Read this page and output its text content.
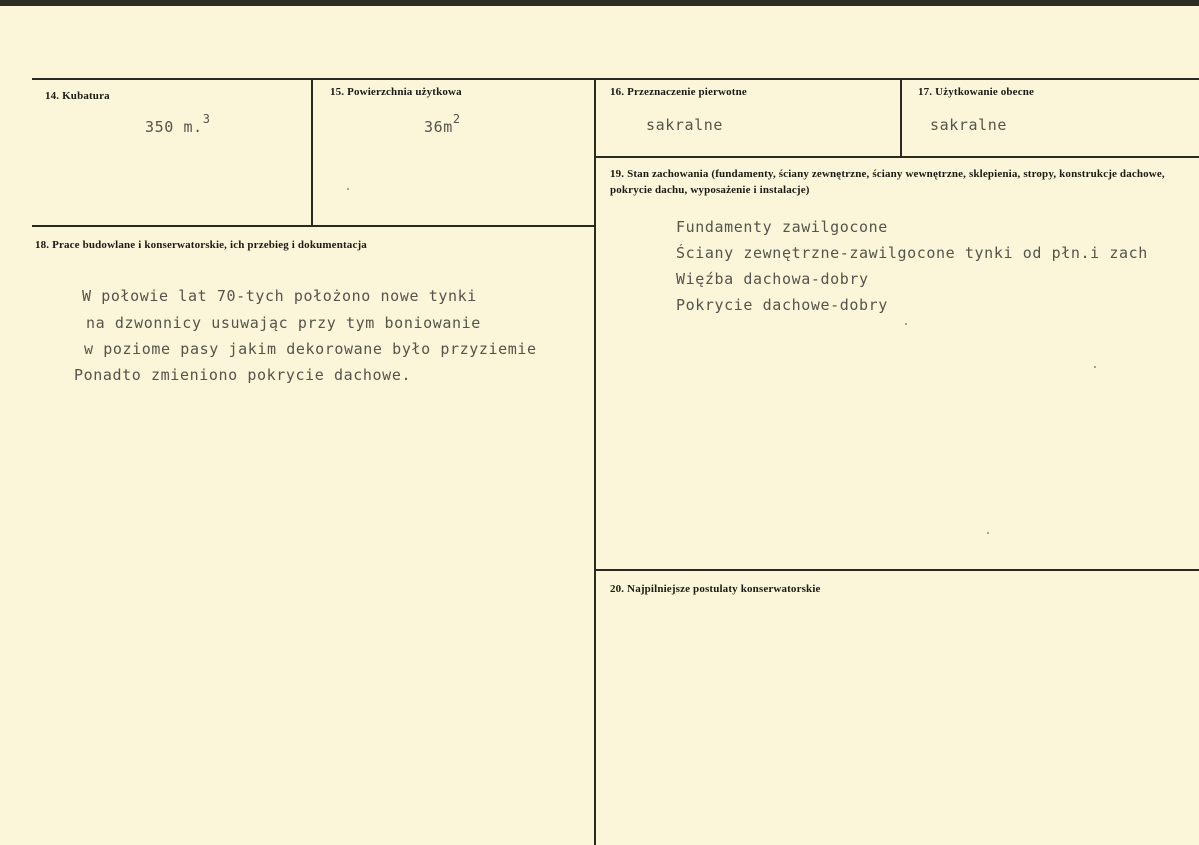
14. Kubatura
350 m.$^3$
15. Powierzchnia użytkowa
$36m^2$
16. Przeznaczenie pierwotne
sakralne
17. Użytkowanie obecne
sakralne
18. Prace budowlane i konserwatorskie, ich przebieg i dokumentacja
W połowie lat 70-tych położono nowe tynki
na dzwonnicy usuwając przy tym boniowanie
w poziome pasy jakim dekorowane było przyziemie
Ponadto zmieniono pokrycie dachowe.
19. Stan zachowania (fundamenty, ściany zewnętrzne, ściany wewnętrzne, sklepienia, stropy, konstrukcje dachowe, pokrycie dachu, wyposażenie i instalacje)
Fundamenty zawilgocone
Ściany zewnętrzne-zawilgocone tynki od płn.i zach
Więźba dachowa-dobry
Pokrycie dachowe-dobry
20. Najpilniejsze postulaty konserwatorskie
